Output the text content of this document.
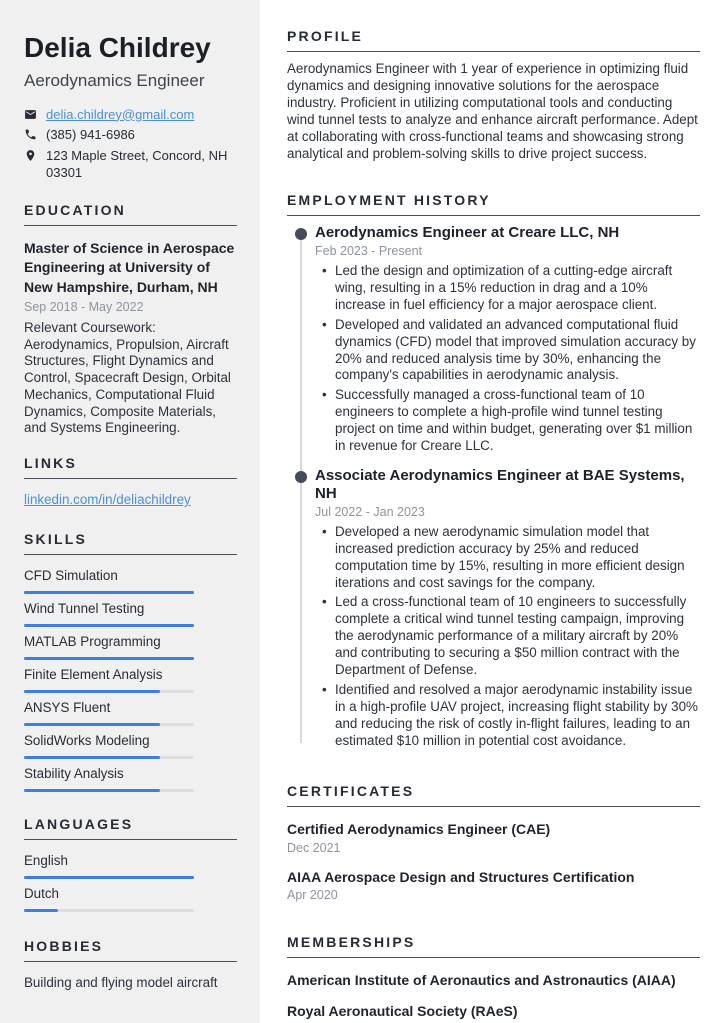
Delia Childrey
Aerodynamics Engineer
delia.childrey@gmail.com
(385) 941-6986
123 Maple Street, Concord, NH 03301
EDUCATION
Master of Science in Aerospace Engineering at University of New Hampshire, Durham, NH
Sep 2018 - May 2022
Relevant Coursework: Aerodynamics, Propulsion, Aircraft Structures, Flight Dynamics and Control, Spacecraft Design, Orbital Mechanics, Computational Fluid Dynamics, Composite Materials, and Systems Engineering.
LINKS
linkedin.com/in/deliachildrey
SKILLS
CFD Simulation
Wind Tunnel Testing
MATLAB Programming
Finite Element Analysis
ANSYS Fluent
SolidWorks Modeling
Stability Analysis
LANGUAGES
English
Dutch
HOBBIES
Building and flying model aircraft
PROFILE

Aerodynamics Engineer with 1 year of experience in optimizing fluid dynamics and designing innovative solutions for the aerospace industry. Proficient in utilizing computational tools and conducting wind tunnel tests to analyze and enhance aircraft performance. Adept at collaborating with cross-functional teams and showcasing strong analytical and problem-solving skills to drive project success.

EMPLOYMENT HISTORY
Aerodynamics Engineer at Creare LLC, NH
Feb 2023 - Present
• Led the design and optimization of a cutting-edge aircraft wing, resulting in a 15% reduction in drag and a 10% increase in fuel efficiency for a major aerospace client.
• Developed and validated an advanced computational fluid dynamics (CFD) model that improved simulation accuracy by 20% and reduced analysis time by 30%, enhancing the company's capabilities in aerodynamic analysis.
• Successfully managed a cross-functional team of 10 engineers to complete a high-profile wind tunnel testing project on time and within budget, generating over $1 million in revenue for Creare LLC.
Associate Aerodynamics Engineer at BAE Systems, NH
Jul 2022 - Jan 2023
• Developed a new aerodynamic simulation model that increased prediction accuracy by 25% and reduced computation time by 15%, resulting in more efficient design iterations and cost savings for the company.
• Led a cross-functional team of 10 engineers to successfully complete a critical wind tunnel testing campaign, improving the aerodynamic performance of a military aircraft by 20% and contributing to securing a $50 million contract with the Department of Defense.
• Identified and resolved a major aerodynamic instability issue in a high-profile UAV project, increasing flight stability by 30% and reducing the risk of costly in-flight failures, leading to an estimated $10 million in potential cost avoidance.
CERTIFICATES
Certified Aerodynamics Engineer (CAE)
Dec 2021
AIAA Aerospace Design and Structures Certification
Apr 2020
MEMBERSHIPS
American Institute of Aeronautics and Astronautics (AIAA)
Royal Aeronautical Society (RAeS)
